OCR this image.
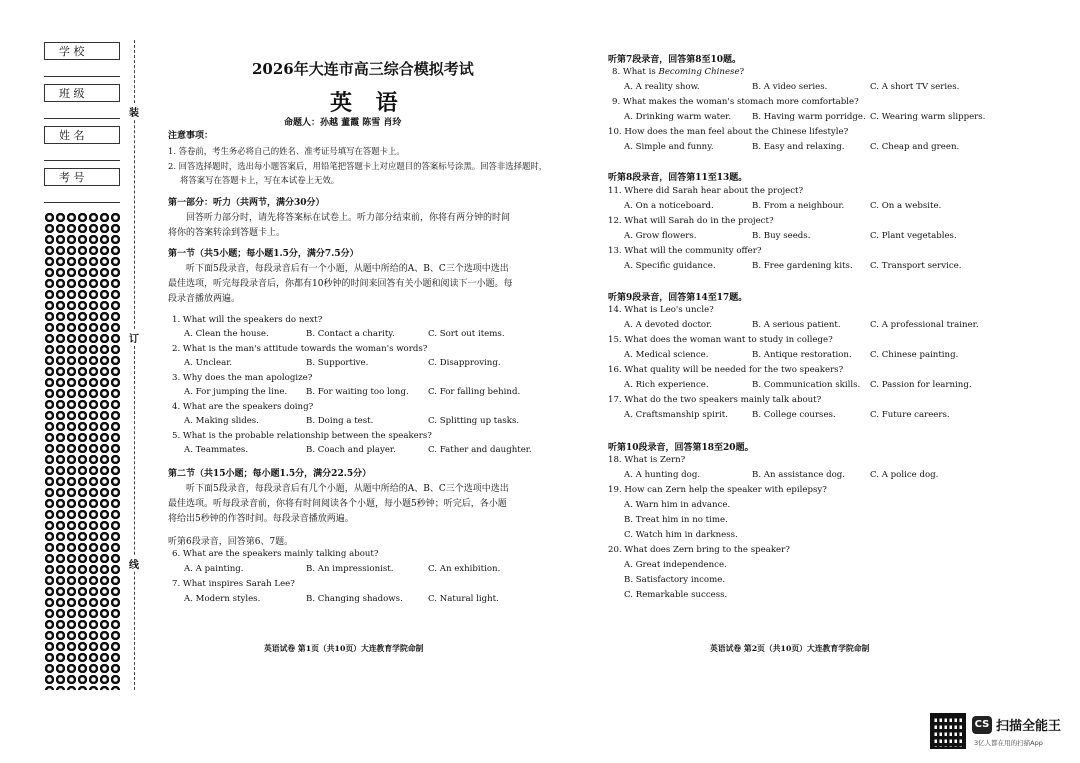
学 校
班 级
姓 名
考 号
装
订
线
2026年大连市高三综合模拟考试
英 语
命题人：孙越 董霞 陈雪 肖玲
注意事项：
1. 答卷前，考生务必将自己的姓名、准考证号填写在答题卡上。
2. 回答选择题时，选出每小题答案后，用铅笔把答题卡上对应题目的答案标号涂黑。回答非选择题时，
将答案写在答题卡上，写在本试卷上无效。
第一部分：听力（共两节，满分30分）
回答听力部分时，请先将答案标在试卷上。听力部分结束前，你将有两分钟的时间
将你的答案转涂到答题卡上。
第一节（共5小题；每小题1.5分，满分7.5分）
听下面5段录音，每段录音后有一个小题，从题中所给的A、B、C三个选项中选出
最佳选项，听完每段录音后，你都有10秒钟的时间来回答有关小题和阅读下一小题。每
段录音播放两遍。
1. What will the speakers do next?
A. Clean the house.	B. Contact a charity.	C. Sort out items.
2. What is the man's attitude towards the woman's words?
A. Unclear.	B. Supportive.	C. Disapproving.
3. Why does the man apologize?
A. For jumping the line. B. For waiting too long. C. For falling behind.
4. What are the speakers doing?
A. Making slides.	B. Doing a test.	C. Splitting up tasks.
5. What is the probable relationship between the speakers?
A. Teammates.	B. Coach and player.	C. Father and daughter.
第二节（共15小题；每小题1.5分，满分22.5分）
听下面5段录音，每段录音后有几个小题，从题中所给的A、B、C三个选项中选出
最佳选项。听每段录音前，你将有时间阅读各个小题，每小题5秒钟；听完后，各小题
将给出5秒钟的作答时间。每段录音播放两遍。
听第6段录音，回答第6、7题。
6. What are the speakers mainly talking about?
A. A painting.	B. An impressionist.	C. An exhibition.
7. What inspires Sarah Lee?
A. Modern styles.	B. Changing shadows.	C. Natural light.
英语试卷 第1页（共10页）大连教育学院命制
听第7段录音，回答第8至10题。
8. What is Becoming Chinese?
A. A reality show.	B. A video series.	C. A short TV series.
9. What makes the woman's stomach more comfortable?
A. Drinking warm water. B. Having warm porridge. C. Wearing warm slippers.
10. How does the man feel about the Chinese lifestyle?
A. Simple and funny.	B. Easy and relaxing.	C. Cheap and green.
听第8段录音，回答第11至13题。
11. Where did Sarah hear about the project?
A. On a noticeboard.	B. From a neighbour.	C. On a website.
12. What will Sarah do in the project?
A. Grow flowers.	B. Buy seeds.	C. Plant vegetables.
13. What will the community offer?
A. Specific guidance.	B. Free gardening kits. C. Transport service.
听第9段录音，回答第14至17题。
14. What is Leo's uncle?
A. A devoted doctor.	B. A serious patient.	C. A professional trainer.
15. What does the woman want to study in college?
A. Medical science.	B. Antique restoration. C. Chinese painting.
16. What quality will be needed for the two speakers?
A. Rich experience.	B. Communication skills. C. Passion for learning.
17. What do the two speakers mainly talk about?
A. Craftsmanship spirit.	B. College courses.	C. Future careers.
听第10段录音，回答第18至20题。
18. What is Zern?
A. A hunting dog.	B. An assistance dog.	C. A police dog.
19. How can Zern help the speaker with epilepsy?
A. Warn him in advance.
B. Treat him in no time.
C. Watch him in darkness.
20. What does Zern bring to the speaker?
A. Great independence.
B. Satisfactory income.
C. Remarkable success.
英语试卷 第2页（共10页）大连教育学院命制
CS 扫描全能王
3亿人都在用的扫描App
